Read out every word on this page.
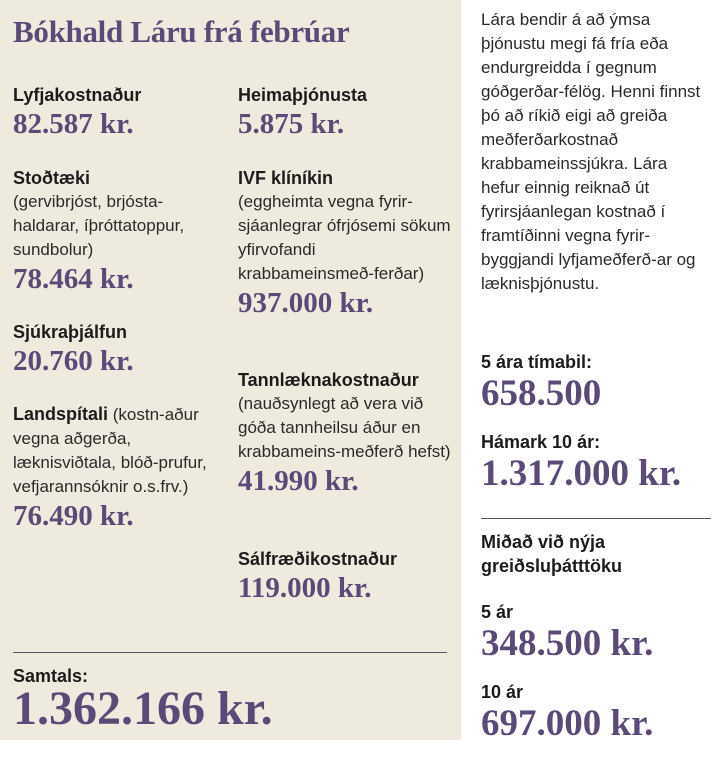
Bókhald Láru frá febrúar
Lyfjakostnaður
82.587 kr.
Stoðtæki
(gervibrjóst, brjósta-haldarar, íþróttatoppur, sundbolur)
78.464 kr.
Sjúkraþjálfun
20.760 kr.
Landspítali (kostn-aður vegna aðgerða, læknisviðtala, blóð-prufur, vefjarannsóknir o.s.frv.)
76.490 kr.
Heimaþjónusta
5.875 kr.
IVF klíníkin
(eggheimta vegna fyrir-sjáanlegrar ófrjósemi sökum yfirvofandi krabbameinsmeð-ferðar)
937.000 kr.
Tannlæknakostnaður
(nauðsynlegt að vera við góða tannheilsu áður en krabbameins-meðferð hefst)
41.990 kr.
Sálfræðikostnaður
119.000 kr.
Samtals:
1.362.166 kr.
Lára bendir á að ýmsa þjónustu megi fá fría eða endurgreidda í gegnum góðgerðar-félög. Henni finnst þó að ríkið eigi að greiða meðferðarkostnað krabbameinssjúkra. Lára hefur einnig reiknað út fyrirsjáanlegan kostnað í framtíðinni vegna fyrir-byggjandi lyfjameðferð-ar og læknisþjónustu.
5 ára tímabil:
658.500
Hámark 10 ár:
1.317.000 kr.
Miðað við nýja greiðsluþátttöku
5 ár
348.500 kr.
10 ár
697.000 kr.
